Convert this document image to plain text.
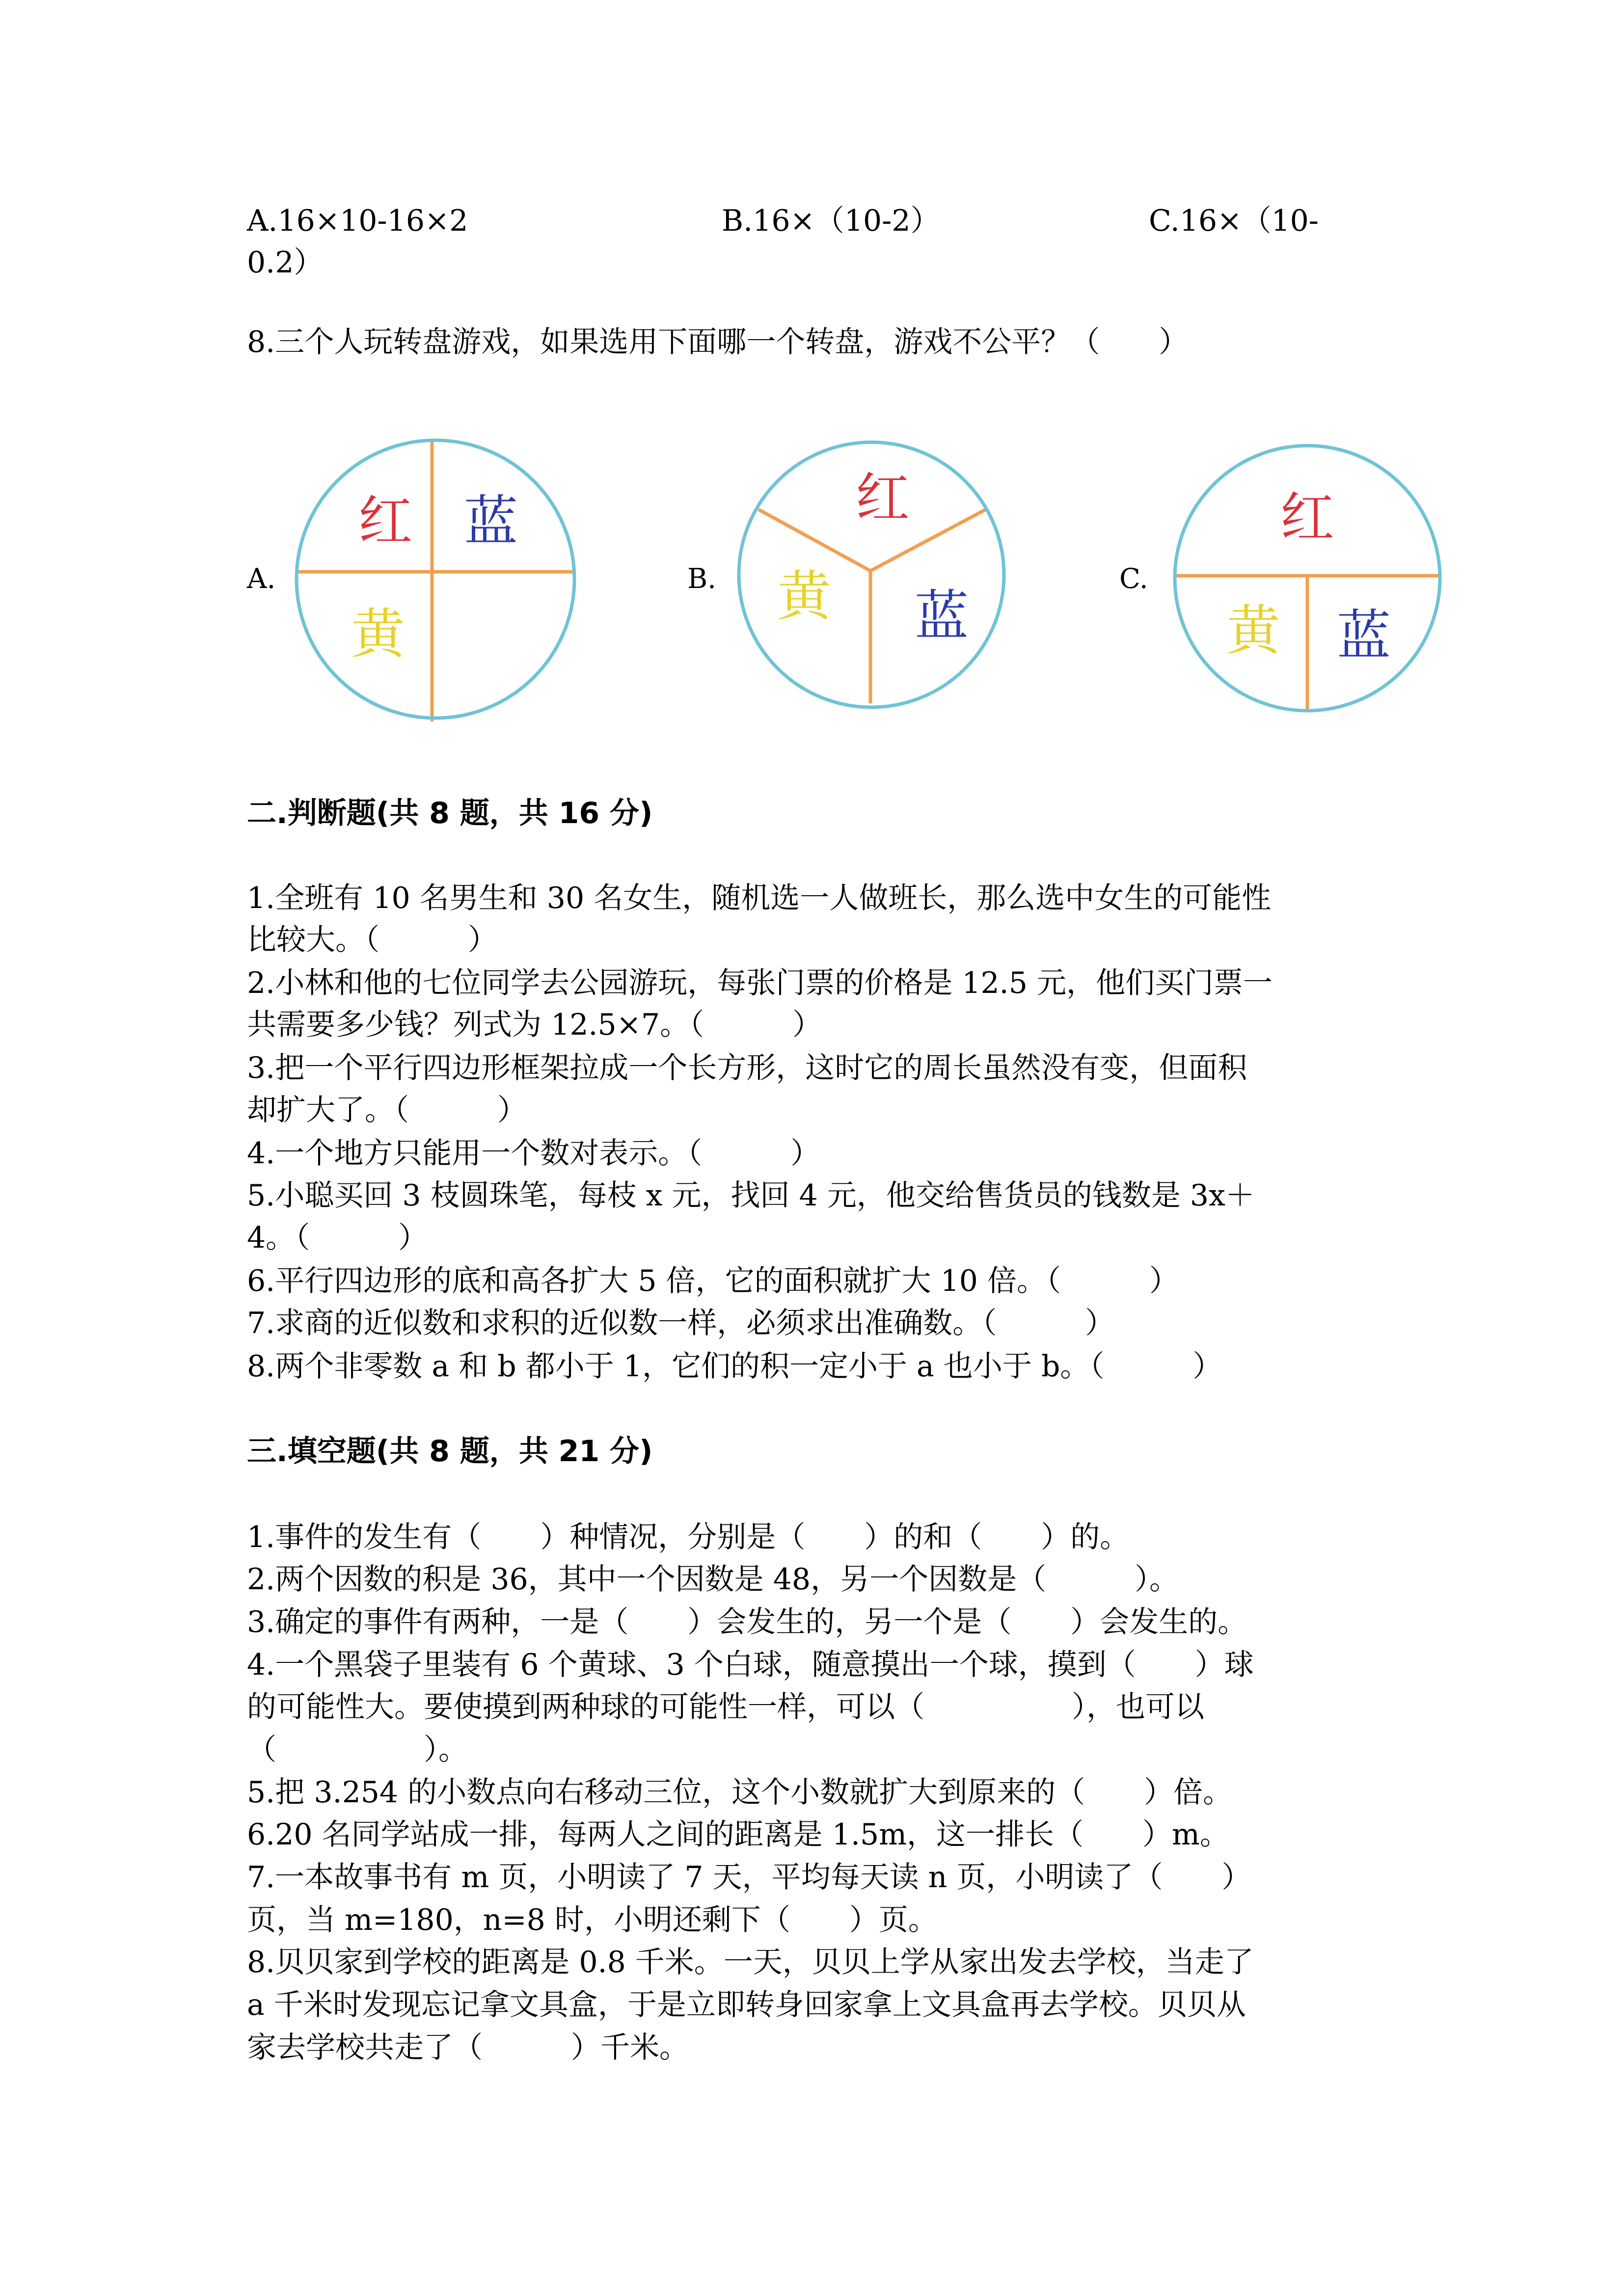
A.16×10-16×2	B.16×（10-2）	C.16×（10-
0.2）
8.三个人玩转盘游戏，如果选用下面哪一个转盘，游戏不公平？（　　）
A.
红 蓝
黄
B.
红
黄 蓝
C.
红
黄 蓝
二.判断题(共 8 题，共 16 分)
1.全班有 10 名男生和 30 名女生，随机选一人做班长，那么选中女生的可能性
比较大。（　　　）
2.小林和他的七位同学去公园游玩，每张门票的价格是 12.5 元，他们买门票一
共需要多少钱？列式为 12.5×7。（　　　）
3.把一个平行四边形框架拉成一个长方形，这时它的周长虽然没有变，但面积
却扩大了。（　　　）
4.一个地方只能用一个数对表示。（　　　）
5.小聪买回 3 枝圆珠笔，每枝 x 元，找回 4 元，他交给售货员的钱数是 3x＋
4。（　　　）
6.平行四边形的底和高各扩大 5 倍，它的面积就扩大 10 倍。（　　　）
7.求商的近似数和求积的近似数一样，必须求出准确数。（　　　）
8.两个非零数 a 和 b 都小于 1，它们的积一定小于 a 也小于 b。（　　　）
三.填空题(共 8 题，共 21 分)
1.事件的发生有（　　）种情况，分别是（　　）的和（　　）的。
2.两个因数的积是 36，其中一个因数是 48，另一个因数是（　　　）。
3.确定的事件有两种，一是（　　）会发生的，另一个是（　　）会发生的。
4.一个黑袋子里装有 6 个黄球、3 个白球，随意摸出一个球，摸到（　　）球
的可能性大。要使摸到两种球的可能性一样，可以（　　　　　），也可以
（　　　　　）。
5.把 3.254 的小数点向右移动三位，这个小数就扩大到原来的（　　）倍。
6.20 名同学站成一排，每两人之间的距离是 1.5m，这一排长（　　）m。
7.一本故事书有 m 页，小明读了 7 天，平均每天读 n 页，小明读了（　　）
页，当 m=180，n=8 时，小明还剩下（　　）页。
8.贝贝家到学校的距离是 0.8 千米。一天，贝贝上学从家出发去学校，当走了
a 千米时发现忘记拿文具盒，于是立即转身回家拿上文具盒再去学校。贝贝从
家去学校共走了（　　　）千米。
